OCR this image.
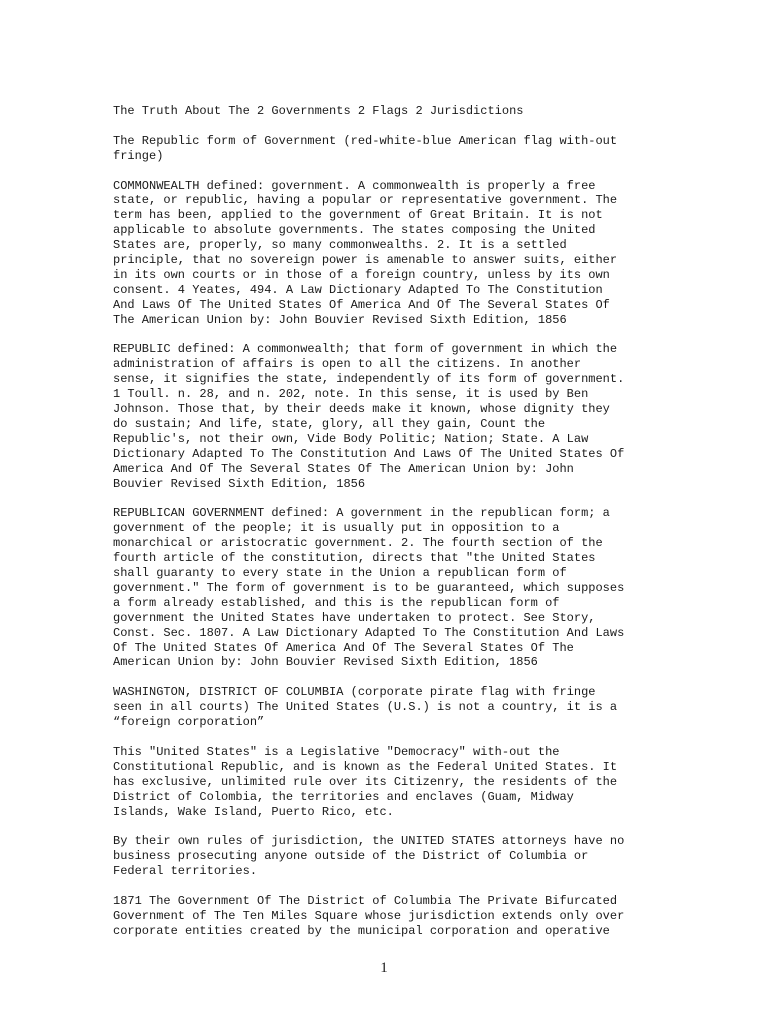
The Truth About The 2 Governments 2 Flags 2 Jurisdictions
The Republic form of Government (red-white-blue American flag with-out
fringe)
COMMONWEALTH defined: government. A commonwealth is properly a free
state, or republic, having a popular or representative government. The
term has been, applied to the government of Great Britain. It is not
applicable to absolute governments. The states composing the United
States are, properly, so many commonwealths. 2. It is a settled
principle, that no sovereign power is amenable to answer suits, either
in its own courts or in those of a foreign country, unless by its own
consent. 4 Yeates, 494. A Law Dictionary Adapted To The Constitution
And Laws Of The United States Of America And Of The Several States Of
The American Union by: John Bouvier Revised Sixth Edition, 1856
REPUBLIC defined: A commonwealth; that form of government in which the
administration of affairs is open to all the citizens. In another
sense, it signifies the state, independently of its form of government.
1 Toull. n. 28, and n. 202, note. In this sense, it is used by Ben
Johnson. Those that, by their deeds make it known, whose dignity they
do sustain; And life, state, glory, all they gain, Count the
Republic's, not their own, Vide Body Politic; Nation; State. A Law
Dictionary Adapted To The Constitution And Laws Of The United States Of
America And Of The Several States Of The American Union by: John
Bouvier Revised Sixth Edition, 1856
REPUBLICAN GOVERNMENT defined: A government in the republican form; a
government of the people; it is usually put in opposition to a
monarchical or aristocratic government. 2. The fourth section of the
fourth article of the constitution, directs that "the United States
shall guaranty to every state in the Union a republican form of
government." The form of government is to be guaranteed, which supposes
a form already established, and this is the republican form of
government the United States have undertaken to protect. See Story,
Const. Sec. 1807. A Law Dictionary Adapted To The Constitution And Laws
Of The United States Of America And Of The Several States Of The
American Union by: John Bouvier Revised Sixth Edition, 1856
WASHINGTON, DISTRICT OF COLUMBIA (corporate pirate flag with fringe
seen in all courts) The United States (U.S.) is not a country, it is a
“foreign corporation”
This "United States" is a Legislative "Democracy" with-out the
Constitutional Republic, and is known as the Federal United States. It
has exclusive, unlimited rule over its Citizenry, the residents of the
District of Colombia, the territories and enclaves (Guam, Midway
Islands, Wake Island, Puerto Rico, etc.
By their own rules of jurisdiction, the UNITED STATES attorneys have no
business prosecuting anyone outside of the District of Columbia or
Federal territories.
1871 The Government Of The District of Columbia The Private Bifurcated
Government of The Ten Miles Square whose jurisdiction extends only over
corporate entities created by the municipal corporation and operative
1
